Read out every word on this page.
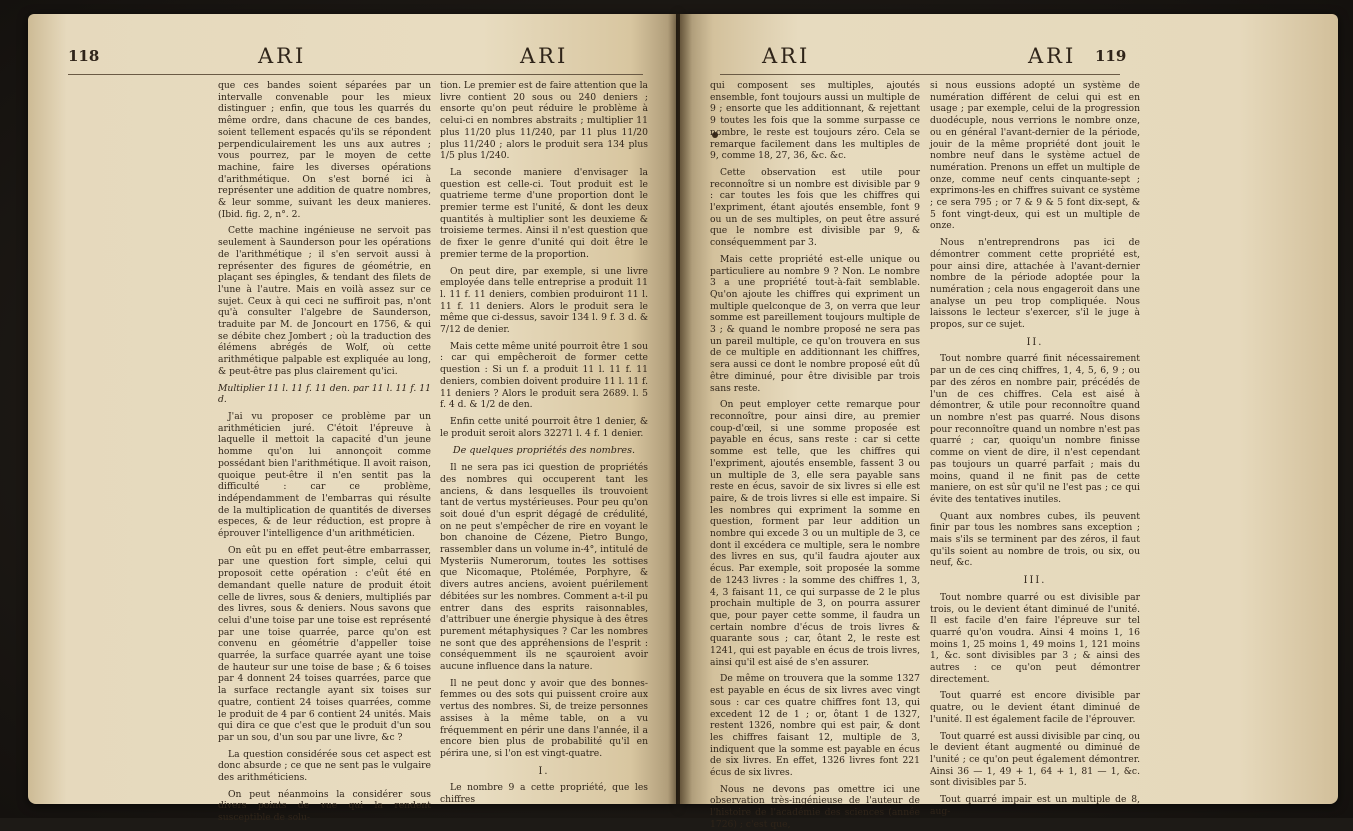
118	ARI	ARI

que ces bandes soient séparées par un intervalle convenable pour les mieux distinguer ; enfin, que tous les quarrés du même ordre, dans chacune de ces bandes, soient tellement espacés qu'ils se répondent perpendiculairement les uns aux autres ; vous pourrez, par le moyen de cette machine, faire les diverses opérations d'arithmétique. On s'est borné ici à représenter une addition de quatre nombres, & leur somme, suivant les deux manieres. (Ibid. fig. 2, n°. 2.

Cette machine ingénieuse ne servoit pas seulement à Saunderson pour les opérations de l'arithmétique ; il s'en servoit aussi à représenter des figures de géométrie, en plaçant ses épingles, & tendant des filets de l'une à l'autre. Mais en voilà assez sur ce sujet. Ceux à qui ceci ne suffiroit pas, n'ont qu'à consulter l'algebre de Saunderson, traduite par M. de Joncourt en 1756, & qui se débite chez Jombert ; où la traduction des élémens abrégés de Wolf, où cette arithmétique palpable est expliquée au long, & peut-être pas plus clairement qu'ici.

Multiplier 11 l. 11 f. 11 den. par 11 l. 11 f. 11 d.

J'ai vu proposer ce problème par un arithméticien juré. C'étoit l'épreuve à laquelle il mettoit la capacité d'un jeune homme qu'on lui annonçoit comme possédant bien l'arithmétique. Il avoit raison, quoique peut-être il n'en sentit pas la difficulté : car ce problème, indépendamment de l'embarras qui résulte de la multiplication de quantités de diverses especes, & de leur réduction, est propre à éprouver l'intelligence d'un arithméticien.

On eût pu en effet peut-être embarrasser, par une question fort simple, celui qui proposoit cette opération : c'eût été en demandant quelle nature de produit étoit celle de livres, sous & deniers, multipliés par des livres, sous & deniers. Nous savons que celui d'une toise par une toise est représenté par une toise quarrée, parce qu'on est convenu en géométrie d'appeller toise quarrée, la surface quarrée ayant une toise de hauteur sur une toise de base ; & 6 toises par 4 donnent 24 toises quarrées, parce que la surface rectangle ayant six toises sur quatre, contient 24 toises quarrées, comme le produit de 4 par 6 contient 24 unités. Mais qui dira ce que c'est que le produit d'un sou par un sou, d'un sou par une livre, &c ?

La question considérée sous cet aspect est donc absurde ; ce que ne sent pas le vulgaire des arithméticiens.

On peut néanmoins la considérer sous divers points de vue qui la rendent susceptible de solu-

tion. Le premier est de faire attention que la livre contient 20 sous ou 240 deniers ; ensorte qu'on peut réduire le problème à celui-ci en nombres abstraits ; multiplier 11 plus 11/20 plus 11/240, par 11 plus 11/20 plus 11/240 ; alors le produit sera 134 plus 1/5 plus 1/240.

La seconde maniere d'envisager la question est celle-ci. Tout produit est le quatrieme terme d'une proportion dont le premier terme est l'unité, & dont les deux quantités à multiplier sont les deuxieme & troisieme termes. Ainsi il n'est question que de fixer le genre d'unité qui doit être le premier terme de la proportion.

On peut dire, par exemple, si une livre employée dans telle entreprise a produit 11 l. 11 f. 11 deniers, combien produiront 11 l. 11 f. 11 deniers. Alors le produit sera le même que ci-dessus, savoir 134 l. 9 f. 3 d. & 7/12 de denier.

Mais cette même unité pourroit être 1 sou : car qui empêcheroit de former cette question : Si un f. a produit 11 l. 11 f. 11 deniers, combien doivent produire 11 l. 11 f. 11 deniers ? Alors le produit sera 2689. l. 5 f. 4 d. & 1/2 de den.

Enfin cette unité pourroit être 1 denier, & le produit seroit alors 32271 l. 4 f. 1 denier.

De quelques propriétés des nombres.

Il ne sera pas ici question de propriétés des nombres qui occuperent tant les anciens, & dans lesquelles ils trouvoient tant de vertus mystérieuses. Pour peu qu'on soit doué d'un esprit dégagé de crédulité, on ne peut s'empêcher de rire en voyant le bon chanoine de Cézene, Pietro Bungo, rassembler dans un volume in-4°, intitulé de Mysteriis Numerorum, toutes les sottises que Nicomaque, Ptolémée, Porphyre, & divers autres anciens, avoient puérilement débitées sur les nombres. Comment a-t-il pu entrer dans des esprits raisonnables, d'attribuer une énergie physique à des êtres purement métaphysiques ? Car les nombres ne sont que des appréhensions de l'esprit : conséquemment ils ne sçauroient avoir aucune influence dans la nature.

Il ne peut donc y avoir que des bonnes-femmes ou des sots qui puissent croire aux vertus des nombres. Si, de treize personnes assises à la même table, on a vu fréquemment en périr une dans l'année, il a encore bien plus de probabilité qu'il en périra une, si l'on est vingt-quatre.

I.

Le nombre 9 a cette propriété, que les chiffres

ARI	ARI 119

qui composent ses multiples, ajoutés ensemble, font toujours aussi un multiple de 9 ; ensorte que les additionnant, & rejettant 9 toutes les fois que la somme surpasse ce nombre, le reste est toujours zéro. Cela se remarque facilement dans les multiples de 9, comme 18, 27, 36, &c. &c.

Cette observation est utile pour reconnoître si un nombre est divisible par 9 : car toutes les fois que les chiffres qui l'expriment, étant ajoutés ensemble, font 9 ou un de ses multiples, on peut être assuré que le nombre est divisible par 9, & conséquemment par 3.

Mais cette propriété est-elle unique ou particuliere au nombre 9 ? Non. Le nombre 3 a une propriété tout-à-fait semblable. Qu'on ajoute les chiffres qui expriment un multiple quelconque de 3, on verra que leur somme est pareillement toujours multiple de 3 ; & quand le nombre proposé ne sera pas un pareil multiple, ce qu'on trouvera en sus de ce multiple en additionnant les chiffres, sera aussi ce dont le nombre proposé eût dû être diminué, pour être divisible par trois sans reste.

On peut employer cette remarque pour reconnoître, pour ainsi dire, au premier coup-d'œil, si une somme proposée est payable en écus, sans reste : car si cette somme est telle, que les chiffres qui l'expriment, ajoutés ensemble, fassent 3 ou un multiple de 3, elle sera payable sans reste en écus, savoir de six livres si elle est paire, & de trois livres si elle est impaire. Si les nombres qui expriment la somme en question, forment par leur addition un nombre qui excede 3 ou un multiple de 3, ce dont il excédera ce multiple, sera le nombre des livres en sus, qu'il faudra ajouter aux écus. Par exemple, soit proposée la somme de 1243 livres : la somme des chiffres 1, 3, 4, 3 faisant 11, ce qui surpasse de 2 le plus prochain multiple de 3, on pourra assurer que, pour payer cette somme, il faudra un certain nombre d'écus de trois livres & quarante sous ; car, ôtant 2, le reste est 1241, qui est payable en écus de trois livres, ainsi qu'il est aisé de s'en assurer.

De même on trouvera que la somme 1327 est payable en écus de six livres avec vingt sous : car ces quatre chiffres font 13, qui excedent 12 de 1 ; or, ôtant 1 de 1327, restent 1326, nombre qui est pair, & dont les chiffres faisant 12, multiple de 3, indiquent que la somme est payable en écus de six livres. En effet, 1326 livres font 221 écus de six livres.

Nous ne devons pas omettre ici une observation très-ingénieuse de l'auteur de l'histoire de l'académie des sciences (année 1726) ; c'est que,

si nous eussions adopté un système de numération différent de celui qui est en usage ; par exemple, celui de la progression duodécuple, nous verrions le nombre onze, ou en général l'avant-dernier de la période, jouir de la même propriété dont jouit le nombre neuf dans le système actuel de numération. Prenons un effet un multiple de onze, comme neuf cents cinquante-sept ; exprimons-les en chiffres suivant ce système ; ce sera 795 ; or 7 & 9 & 5 font dix-sept, & 5 font vingt-deux, qui est un multiple de onze.

Nous n'entreprendrons pas ici de démontrer comment cette propriété est, pour ainsi dire, attachée à l'avant-dernier nombre de la période adoptée pour la numération ; cela nous engageroit dans une analyse un peu trop compliquée. Nous laissons le lecteur s'exercer, s'il le juge à propos, sur ce sujet.

II.

Tout nombre quarré finit nécessairement par un de ces cinq chiffres, 1, 4, 5, 6, 9 ; ou par des zéros en nombre pair, précédés de l'un de ces chiffres. Cela est aisé à démontrer, & utile pour reconnoître quand un nombre n'est pas quarré. Nous disons pour reconnoître quand un nombre n'est pas quarré ; car, quoiqu'un nombre finisse comme on vient de dire, il n'est cependant pas toujours un quarré parfait ; mais du moins, quand il ne finit pas de cette maniere, on est sûr qu'il ne l'est pas ; ce qui évite des tentatives inutiles.

Quant aux nombres cubes, ils peuvent finir par tous les nombres sans exception ; mais s'ils se terminent par des zéros, il faut qu'ils soient au nombre de trois, ou six, ou neuf, &c.

III.

Tout nombre quarré ou est divisible par trois, ou le devient étant diminué de l'unité. Il est facile d'en faire l'épreuve sur tel quarré qu'on voudra. Ainsi 4 moins 1, 16 moins 1, 25 moins 1, 49 moins 1, 121 moins 1, &c. sont divisibles par 3 ; & ainsi des autres : ce qu'on peut démontrer directement.

Tout quarré est encore divisible par quatre, ou le devient étant diminué de l'unité. Il est également facile de l'éprouver.

Tout quarré est aussi divisible par cinq, ou le devient étant augmenté ou diminué de l'unité ; ce qu'on peut également démontrer. Ainsi 36 — 1, 49 + 1, 64 + 1, 81 — 1, &c. sont divisibles par 5.

Tout quarré impair est un multiple de 8, aug-
